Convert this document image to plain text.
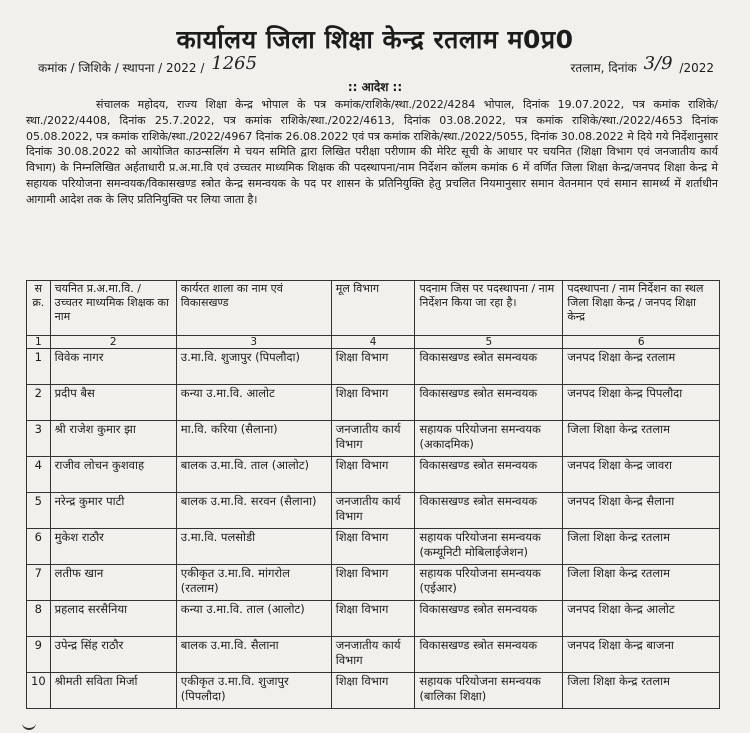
कार्यालय जिला शिक्षा केन्द्र रतलाम म0प्र0
कमांक / जिशिके / स्थापना / 2022 / 1265	रतलाम, दिनांक 3/9 /2022
:: आदेश ::
संचालक महोदय, राज्य शिक्षा केन्द्र भोपाल के पत्र कमांक/राशिके/स्था./2022/4284 भोपाल, दिनांक 19.07.2022, पत्र कमांक राशिके/स्था./2022/4408, दिनांक 25.7.2022, पत्र कमांक राशिके/स्था./2022/4613, दिनांक 03.08.2022, पत्र कमांक राशिके/स्था./2022/4653 दिनांक 05.08.2022, पत्र कमांक राशिके/स्था./2022/4967 दिनांक 26.08.2022 एवं पत्र कमांक राशिके/स्था./2022/5055, दिनांक 30.08.2022 मे दिये गये निर्देशानुसार दिनांक 30.08.2022 को आयोजित काउन्सलिंग मे चयन समिति द्वारा लिखित परीक्षा परीणाम की मेरिट सूची के आधार पर चयनित (शिक्षा विभाग एवं जनजातीय कार्य विभाग) के निम्नलिखित अर्हताधारी प्र.अ.मा.वि एवं उच्चतर माध्यमिक शिक्षक की पदस्थापना/नाम निर्देशन कॉलम कमांक 6 में वर्णित जिला शिक्षा केन्द्र/जनपद शिक्षा केन्द्र मे सहायक परियोजना समन्वयक/विकासखण्ड स्त्रोत केन्द्र समन्वयक के पद पर शासन के प्रतिनियुक्ति हेतु प्रचलित नियमानुसार समान वेतनमान एवं समान सामर्थ्य में शर्ताधीन आगामी आदेश तक के लिए प्रतिनियुक्ति पर लिया जाता है।
स क्र.	चयनित प्र.अ.मा.वि. / उच्चतर माध्यमिक शिक्षक का नाम	कार्यरत शाला का नाम एवं विकासखण्ड	मूल विभाग	पदनाम जिस पर पदस्थापना / नाम निर्देशन किया जा रहा है।	पदस्थापना / नाम निर्देशन का स्थल जिला शिक्षा केन्द्र / जनपद शिक्षा केन्द्र
1	2	3	4	5	6
1	विवेक नागर	उ.मा.वि. शुजापुर (पिपलौदा)	शिक्षा विभाग	विकासखण्ड स्त्रोत समन्वयक	जनपद शिक्षा केन्द्र रतलाम
2	प्रदीप बैस	कन्या उ.मा.वि. आलोट	शिक्षा विभाग	विकासखण्ड स्त्रोत समन्वयक	जनपद शिक्षा केन्द्र पिपलौदा
3	श्री राजेश कुमार झा	मा.वि. करिया (सैलाना)	जनजातीय कार्य विभाग	सहायक परियोजना समन्वयक (अकादमिक)	जिला शिक्षा केन्द्र रतलाम
4	राजीव लोचन कुशवाह	बालक उ.मा.वि. ताल (आलोट)	शिक्षा विभाग	विकासखण्ड स्त्रोत समन्वयक	जनपद शिक्षा केन्द्र जावरा
5	नरेन्द्र कुमार पाटी	बालक उ.मा.वि. सरवन (सैलाना)	जनजातीय कार्य विभाग	विकासखण्ड स्त्रोत समन्वयक	जनपद शिक्षा केन्द्र सैलाना
6	मुकेश राठौर	उ.मा.वि. पलसोडी	शिक्षा विभाग	सहायक परियोजना समन्वयक (कम्यूनिटी मोबिलाईजेशन)	जिला शिक्षा केन्द्र रतलाम
7	लतीफ खान	एकीकृत उ.मा.वि. मांगरोल (रतलाम)	शिक्षा विभाग	सहायक परियोजना समन्वयक (एईआर)	जिला शिक्षा केन्द्र रतलाम
8	प्रहलाद सरसैनिया	कन्या उ.मा.वि. ताल (आलोट)	शिक्षा विभाग	विकासखण्ड स्त्रोत समन्वयक	जनपद शिक्षा केन्द्र आलोट
9	उपेन्द्र सिंह राठौर	बालक उ.मा.वि. सैलाना	जनजातीय कार्य विभाग	विकासखण्ड स्त्रोत समन्वयक	जनपद शिक्षा केन्द्र बाजना
10	श्रीमती सविता मिर्जा	एकीकृत उ.मा.वि. शुजापुर (पिपलौदा)	शिक्षा विभाग	सहायक परियोजना समन्वयक (बालिका शिक्षा)	जिला शिक्षा केन्द्र रतलाम
